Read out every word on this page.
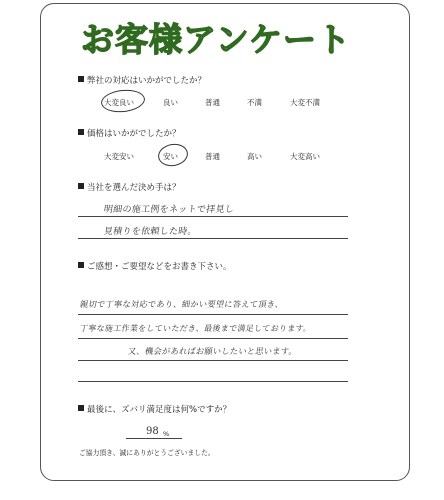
お客様アンケート
弊社の対応はいかがでしたか？
大変良い	良い	普通	不満	大変不満
価格はいかがでしたか？
大変安い	安い	普通	高い	大変高い
当社を選んだ決め手は？
明細の施工例をネットで拝見し
見積りを依頼した時。
ご感想・ご要望などをお書き下さい。
親切で丁寧な対応であり、細かい要望に答えて頂き、
丁寧な施工作業をしていただき、最後まで満足しております。
又、機会があればお願いしたいと思います。
最後に、ズバリ満足度は何%ですか？
98 %
ご協力頂き、誠にありがとうございました。
